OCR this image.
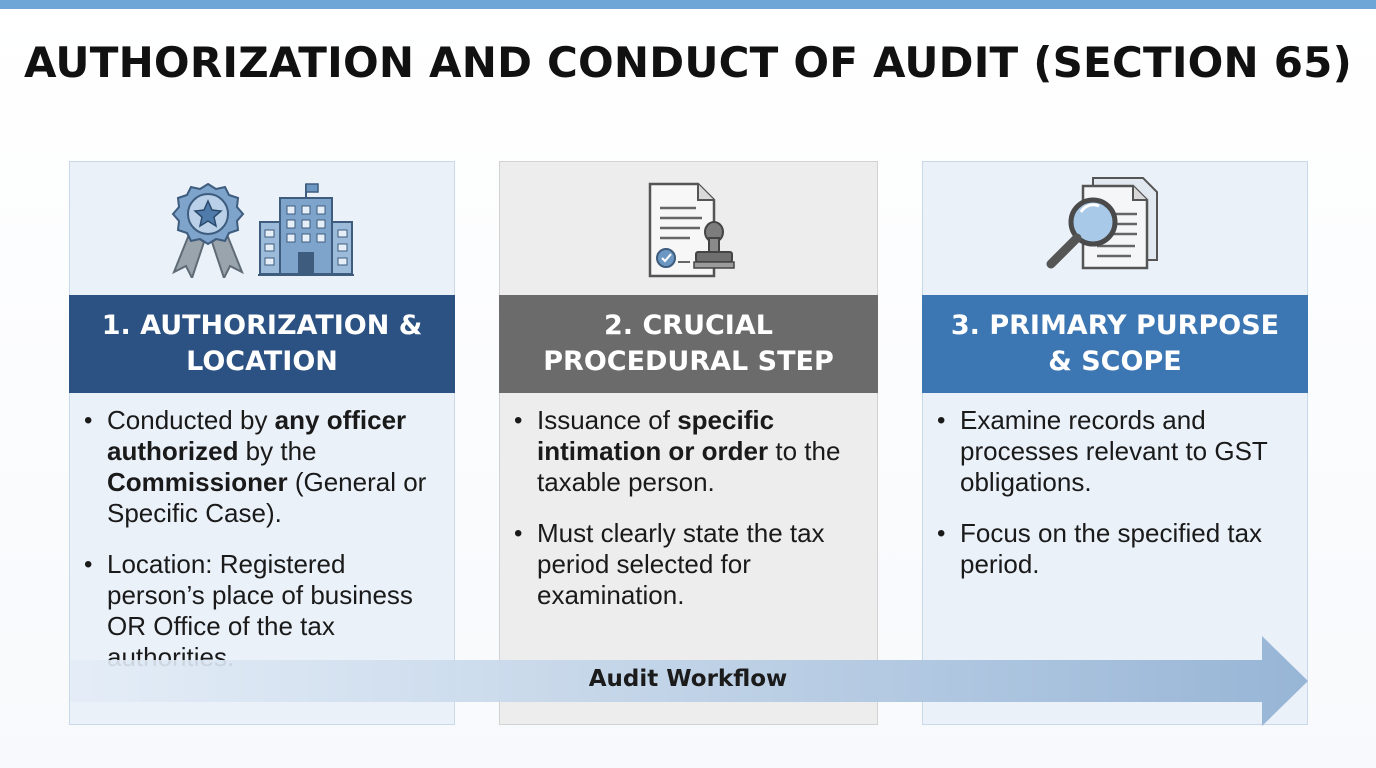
AUTHORIZATION AND CONDUCT OF AUDIT (SECTION 65)
1. AUTHORIZATION &
LOCATION
• Conducted by any officer authorized by the Commissioner (General or Specific Case).
• Location: Registered person’s place of business OR Office of the tax authorities.
2. CRUCIAL
PROCEDURAL STEP
• Issuance of specific intimation or order to the taxable person.
• Must clearly state the tax period selected for examination.
3. PRIMARY PURPOSE
& SCOPE
• Examine records and processes relevant to GST obligations.
• Focus on the specified tax period.
Audit Workflow
